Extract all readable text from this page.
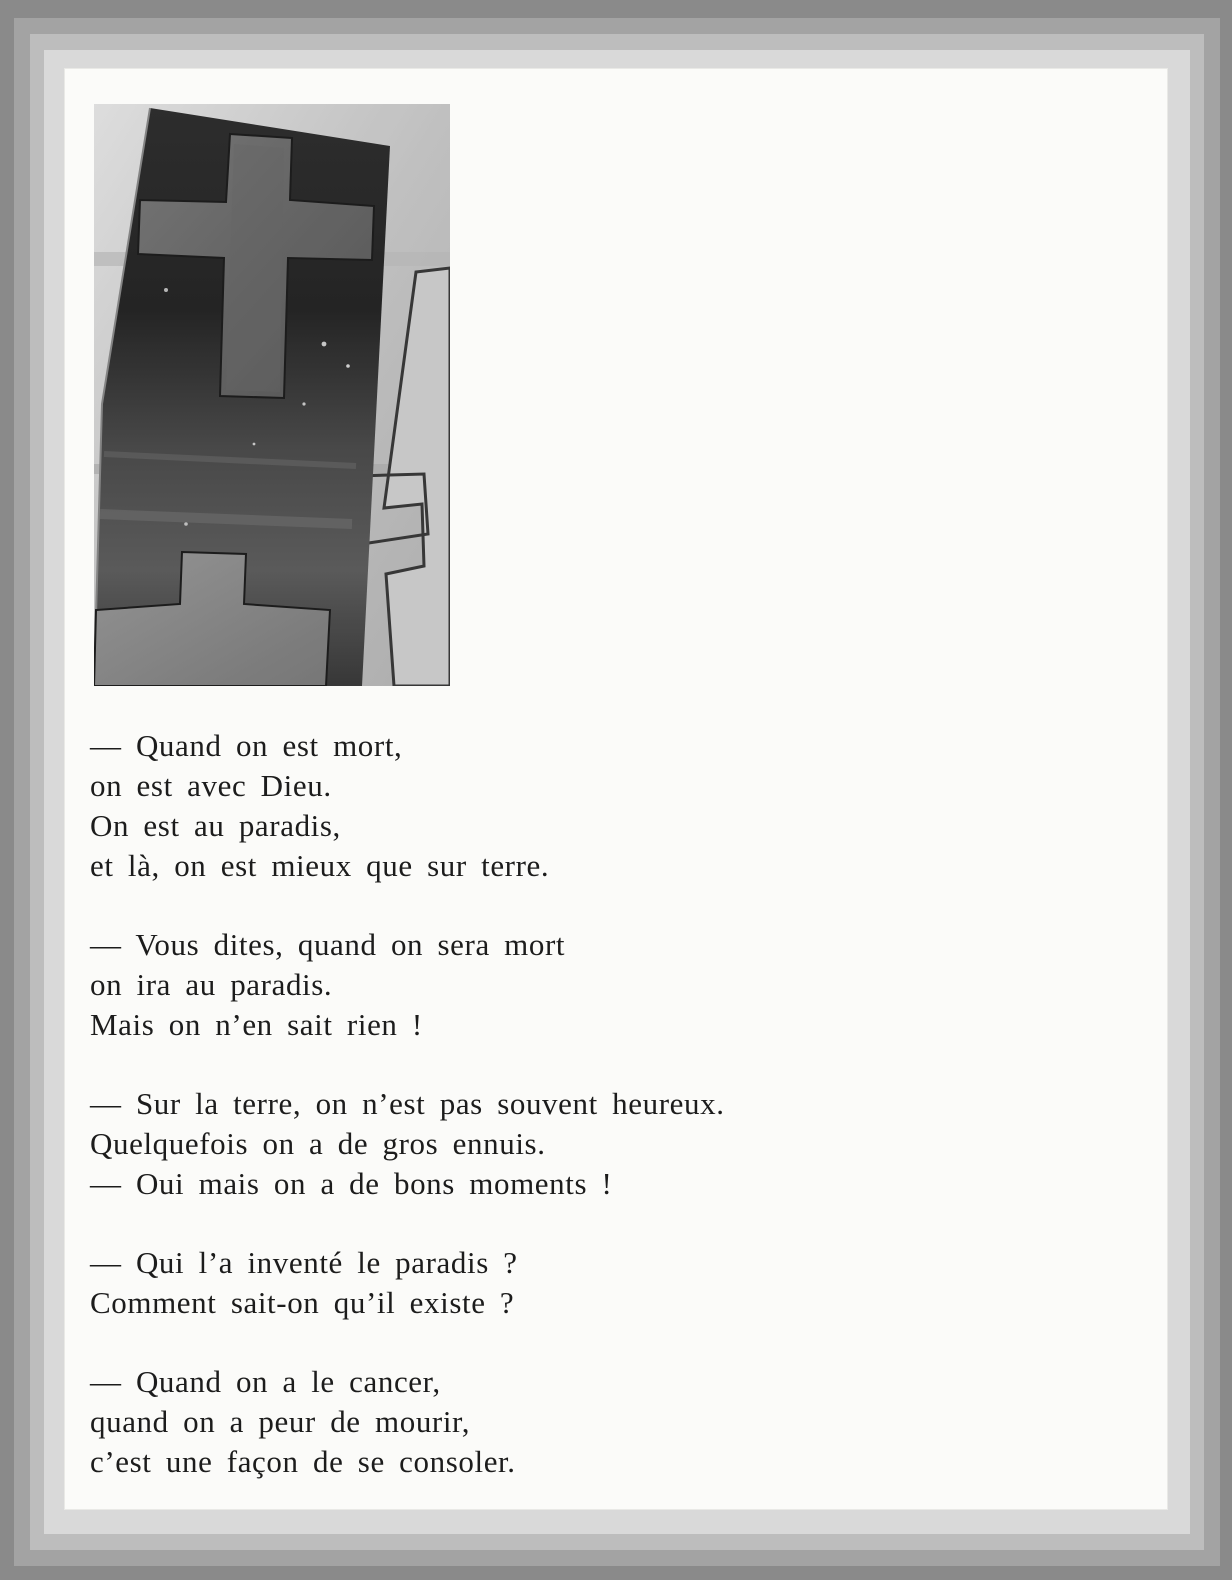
— Quand on est mort,
on est avec Dieu.
On est au paradis,
et là, on est mieux que sur terre.
— Vous dites, quand on sera mort
on ira au paradis.
Mais on n’en sait rien !
— Sur la terre, on n’est pas souvent heureux.
Quelquefois on a de gros ennuis.
— Oui mais on a de bons moments !
— Qui l’a inventé le paradis ?
Comment sait-on qu’il existe ?
— Quand on a le cancer,
quand on a peur de mourir,
c’est une façon de se consoler.
